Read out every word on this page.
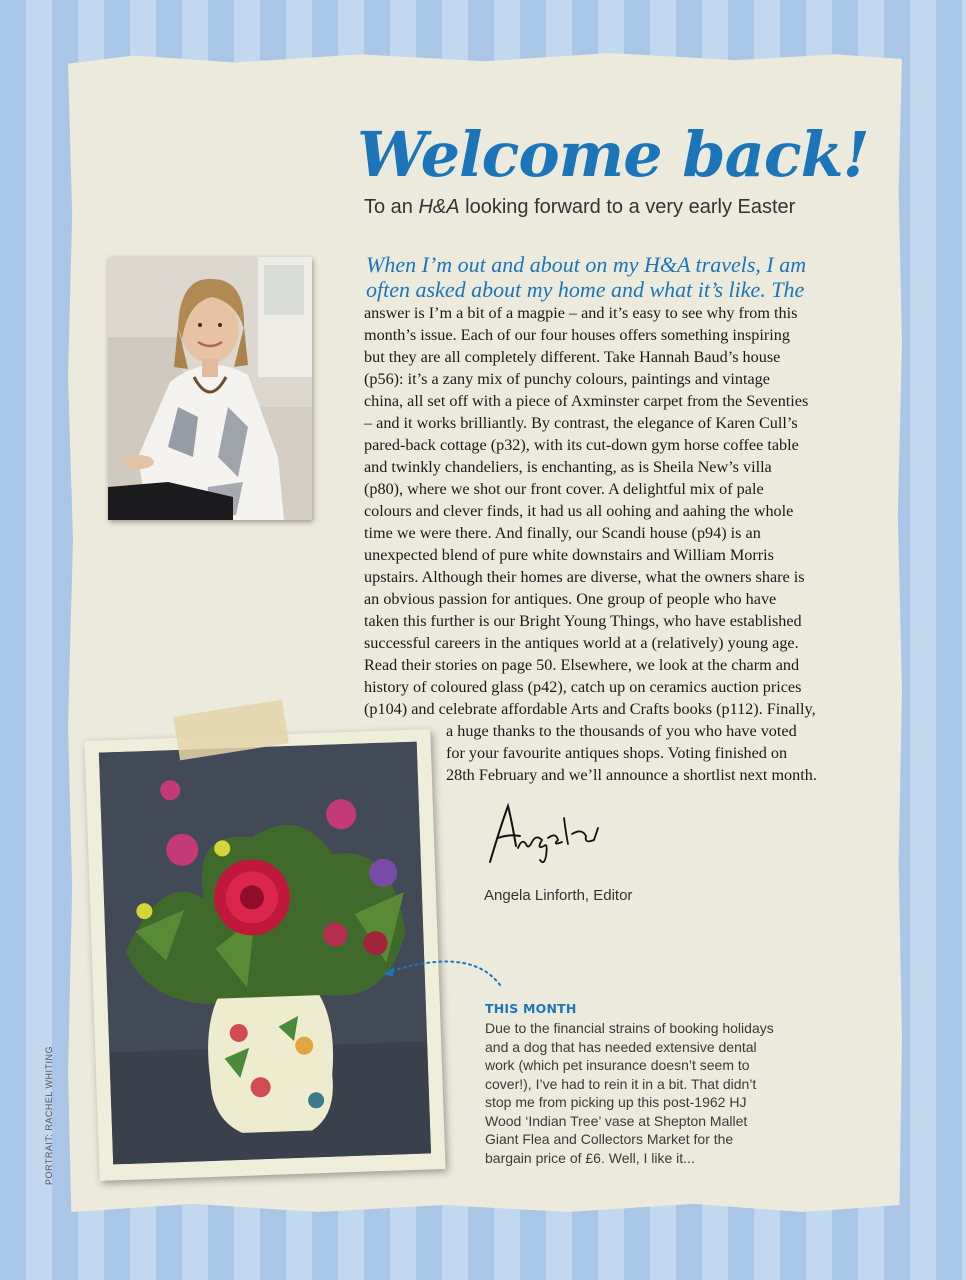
Welcome back!
To an H&A looking forward to a very early Easter

When I’m out and about on my H&A travels, I am

often asked about my home and what it’s like. The

answer is I’m a bit of a magpie – and it’s easy to see why from this

month’s issue. Each of our four houses offers something inspiring

but they are all completely different. Take Hannah Baud’s house

(p56): it’s a zany mix of punchy colours, paintings and vintage

china, all set off with a piece of Axminster carpet from the Seventies

– and it works brilliantly. By contrast, the elegance of Karen Cull’s

pared-back cottage (p32), with its cut-down gym horse coffee table

and twinkly chandeliers, is enchanting, as is Sheila New’s villa

(p80), where we shot our front cover. A delightful mix of pale

colours and clever finds, it had us all oohing and aahing the whole

time we were there. And finally, our Scandi house (p94) is an

unexpected blend of pure white downstairs and William Morris

upstairs. Although their homes are diverse, what the owners share is

an obvious passion for antiques. One group of people who have

taken this further is our Bright Young Things, who have established

successful careers in the antiques world at a (relatively) young age.

Read their stories on page 50. Elsewhere, we look at the charm and

history of coloured glass (p42), catch up on ceramics auction prices

(p104) and celebrate affordable Arts and Crafts books (p112). Finally,

a huge thanks to the thousands of you who have voted

for your favourite antiques shops. Voting finished on

28th February and we’ll announce a shortlist next month.

Angela Linforth, Editor
THIS MONTH

Due to the financial strains of booking holidays

and a dog that has needed extensive dental

work (which pet insurance doesn’t seem to

cover!), I’ve had to rein it in a bit. That didn’t

stop me from picking up this post-1962 HJ

Wood ‘Indian Tree’ vase at Shepton Mallet

Giant Flea and Collectors Market for the

bargain price of £6. Well, I like it...

PORTRAIT: RACHEL WHITING
